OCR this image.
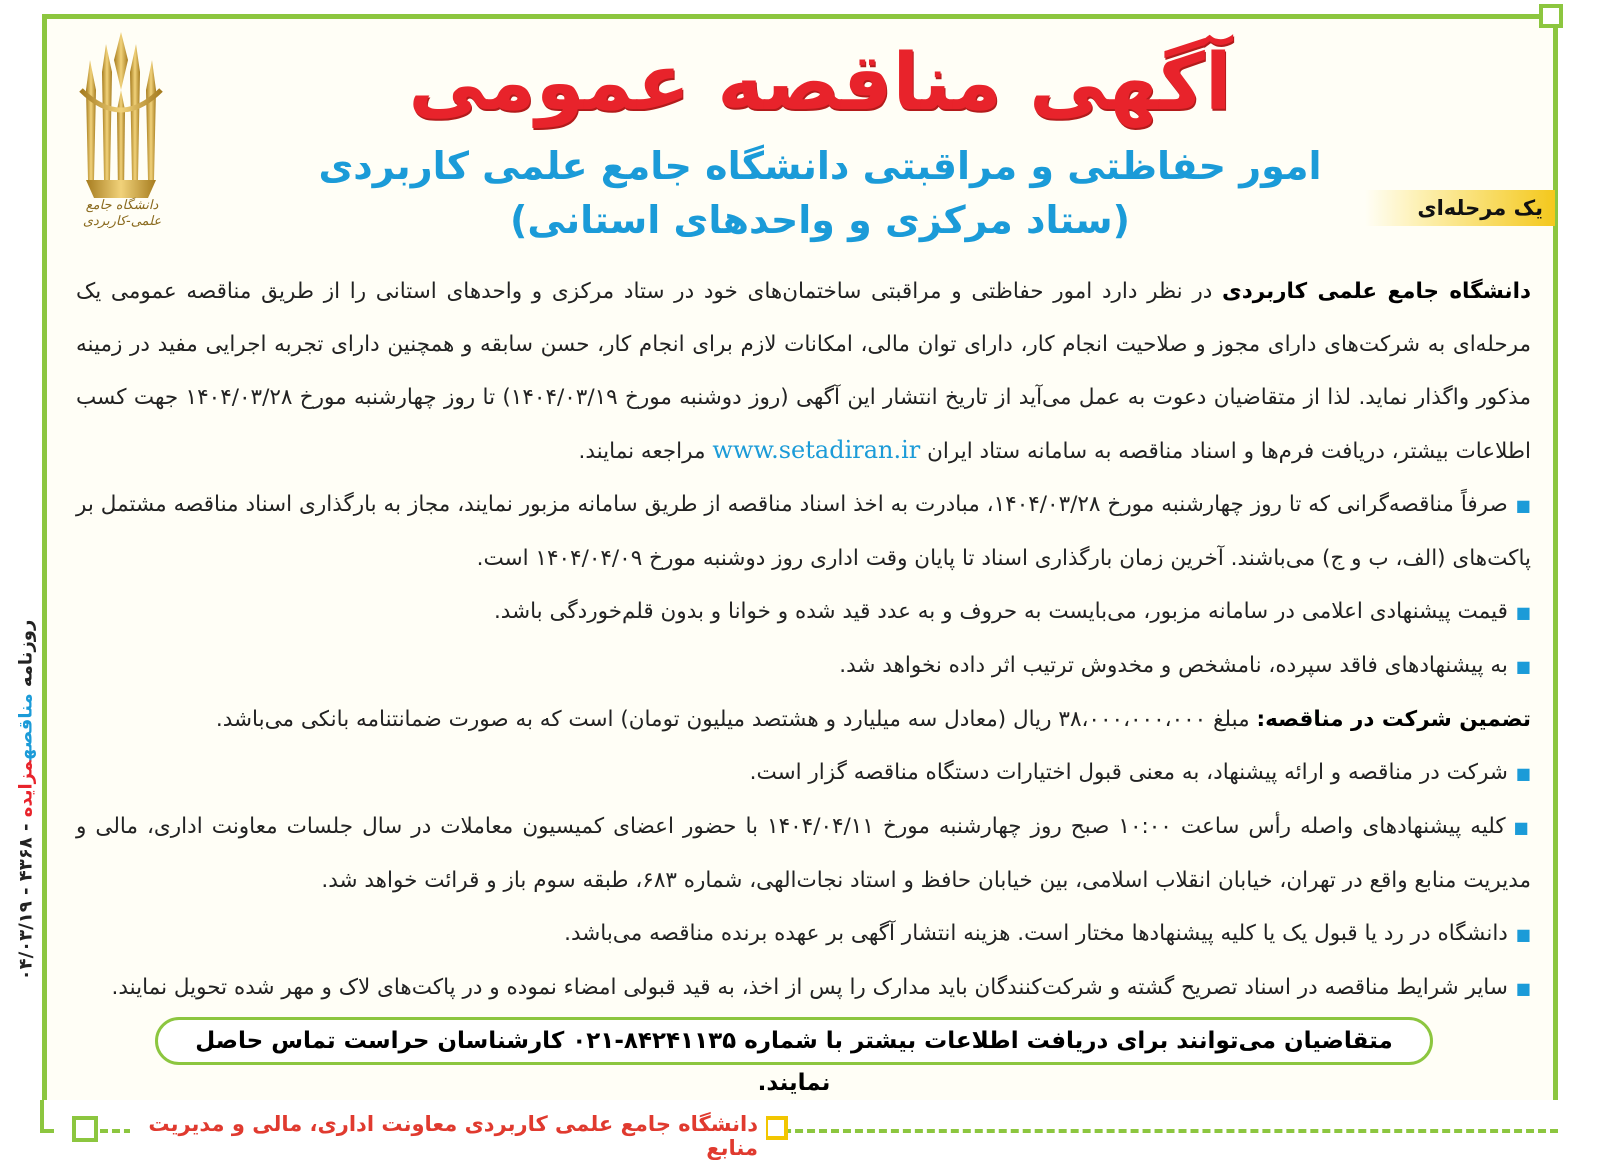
دانشگاه جامع علمی کاربردی معاونت اداری، مالی و مدیریت منابع
دانشگاه جامع علمی-کاربردی
آگهی مناقصه عمومی
امور حفاظتی و مراقبتی دانشگاه جامع علمی کاربردی
(ستاد مرکزی و واحدهای استانی)	یک مرحله‌ای
روزنامه مناقصهمزایده - ۴۳۶۸ - ۰۴/۰۳/۱۹

دانشگاه جامع علمی کاربردی در نظر دارد امور حفاظتی و مراقبتی ساختمان‌های خود در ستاد مرکزی و واحدهای استانی را از طریق مناقصه عمومی یک مرحله‌ای به شرکت‌های دارای مجوز و صلاحیت انجام کار، دارای توان مالی، امکانات لازم برای انجام کار، حسن سابقه و همچنین دارای تجربه اجرایی مفید در زمینه مذکور واگذار نماید. لذا از متقاضیان دعوت به عمل می‌آید از تاریخ انتشار این آگهی (روز دوشنبه مورخ ۱۴۰۴/۰۳/۱۹) تا روز چهارشنبه مورخ ۱۴۰۴/۰۳/۲۸ جهت کسب اطلاعات بیشتر، دریافت فرم‌ها و اسناد مناقصه به سامانه ستاد ایران www.setadiran.ir مراجعه نمایند.

■ صرفاً مناقصه‌گرانی که تا روز چهارشنبه مورخ ۱۴۰۴/۰۳/۲۸، مبادرت به اخذ اسناد مناقصه از طریق سامانه مزبور نمایند، مجاز به بارگذاری اسناد مناقصه مشتمل بر پاکت‌های (الف، ب و ج) می‌باشند. آخرین زمان بارگذاری اسناد تا پایان وقت اداری روز دوشنبه مورخ ۱۴۰۴/۰۴/۰۹ است.

■ قیمت پیشنهادی اعلامی در سامانه مزبور، می‌بایست به حروف و به عدد قید شده و خوانا و بدون قلم‌خوردگی باشد.

■ به پیشنهادهای فاقد سپرده، نامشخص و مخدوش ترتیب اثر داده نخواهد شد.

تضمین شرکت در مناقصه: مبلغ ۳۸،۰۰۰،۰۰۰،۰۰۰ ریال (معادل سه میلیارد و هشتصد میلیون تومان) است که به صورت ضمانتنامه بانکی می‌باشد.

■ شرکت در مناقصه و ارائه پیشنهاد، به معنی قبول اختیارات دستگاه مناقصه گزار است.

■ کلیه پیشنهادهای واصله رأس ساعت ۱۰:۰۰ صبح روز چهارشنبه مورخ ۱۴۰۴/۰۴/۱۱ با حضور اعضای کمیسیون معاملات در سال جلسات معاونت اداری، مالی و مدیریت منابع واقع در تهران، خیابان انقلاب اسلامی، بین خیابان حافظ و استاد نجات‌الهی، شماره ۶۸۳، طبقه سوم باز و قرائت خواهد شد.

■ دانشگاه در رد یا قبول یک یا کلیه پیشنهادها مختار است. هزینه انتشار آگهی بر عهده برنده مناقصه می‌باشد.

■ سایر شرایط مناقصه در اسناد تصریح گشته و شرکت‌کنندگان باید مدارک را پس از اخذ، به قید قبولی امضاء نموده و در پاکت‌های لاک و مهر شده تحویل نمایند.

متقاضیان می‌توانند برای دریافت اطلاعات بیشتر با شماره ۸۴۲۴۱۱۳۵-۰۲۱ کارشناسان حراست تماس حاصل نمایند.
